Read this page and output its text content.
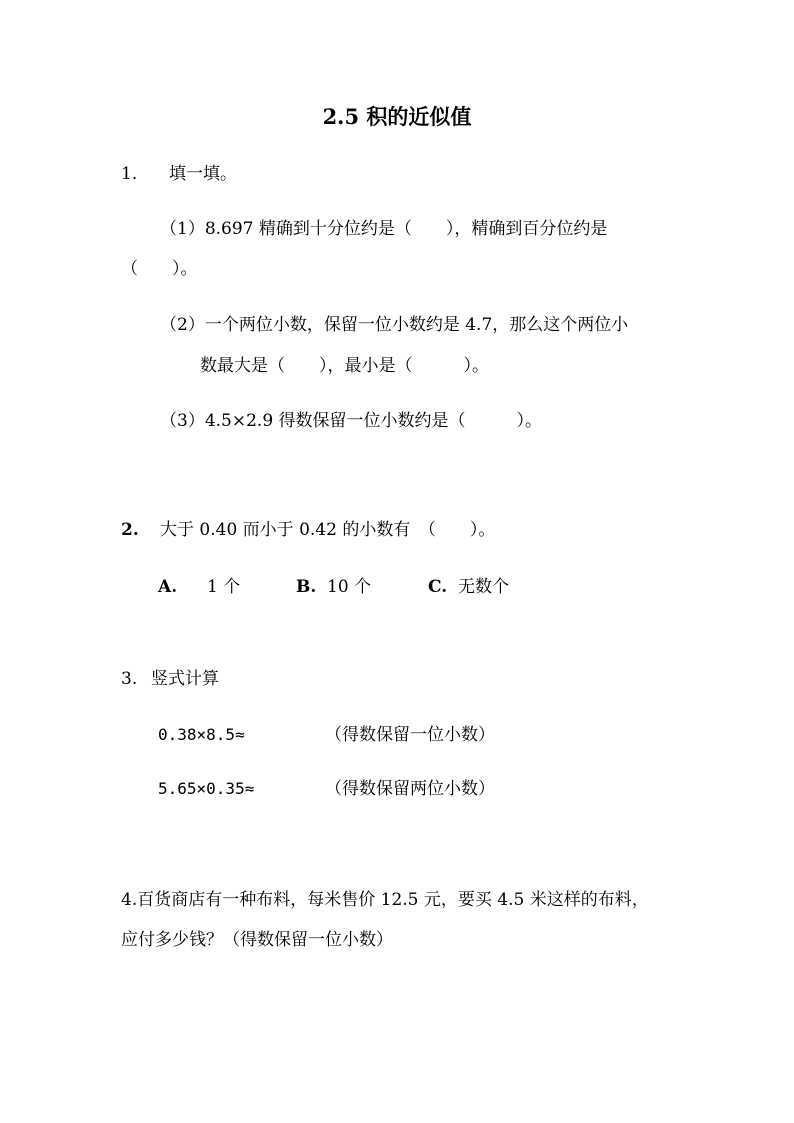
2.5 积的近似值
1. 填一填。
（1）8.697 精确到十分位约是（　　），精确到百分位约是
（　　）。
（2）一个两位小数，保留一位小数约是 4.7，那么这个两位小
数最大是（　　），最小是（　　　）。
（3）4.5×2.9 得数保留一位小数约是（　　　）。
2. 大于 0.40 而小于 0.42 的小数有　（　　）。
A. 1 个	B. 10 个	C. 无数个
3. 竖式计算
0.38×8.5≈	（得数保留一位小数）
5.65×0.35≈	（得数保留两位小数）
4.百货商店有一种布料，每米售价 12.5 元，要买 4.5 米这样的布料，
应付多少钱？（得数保留一位小数）
